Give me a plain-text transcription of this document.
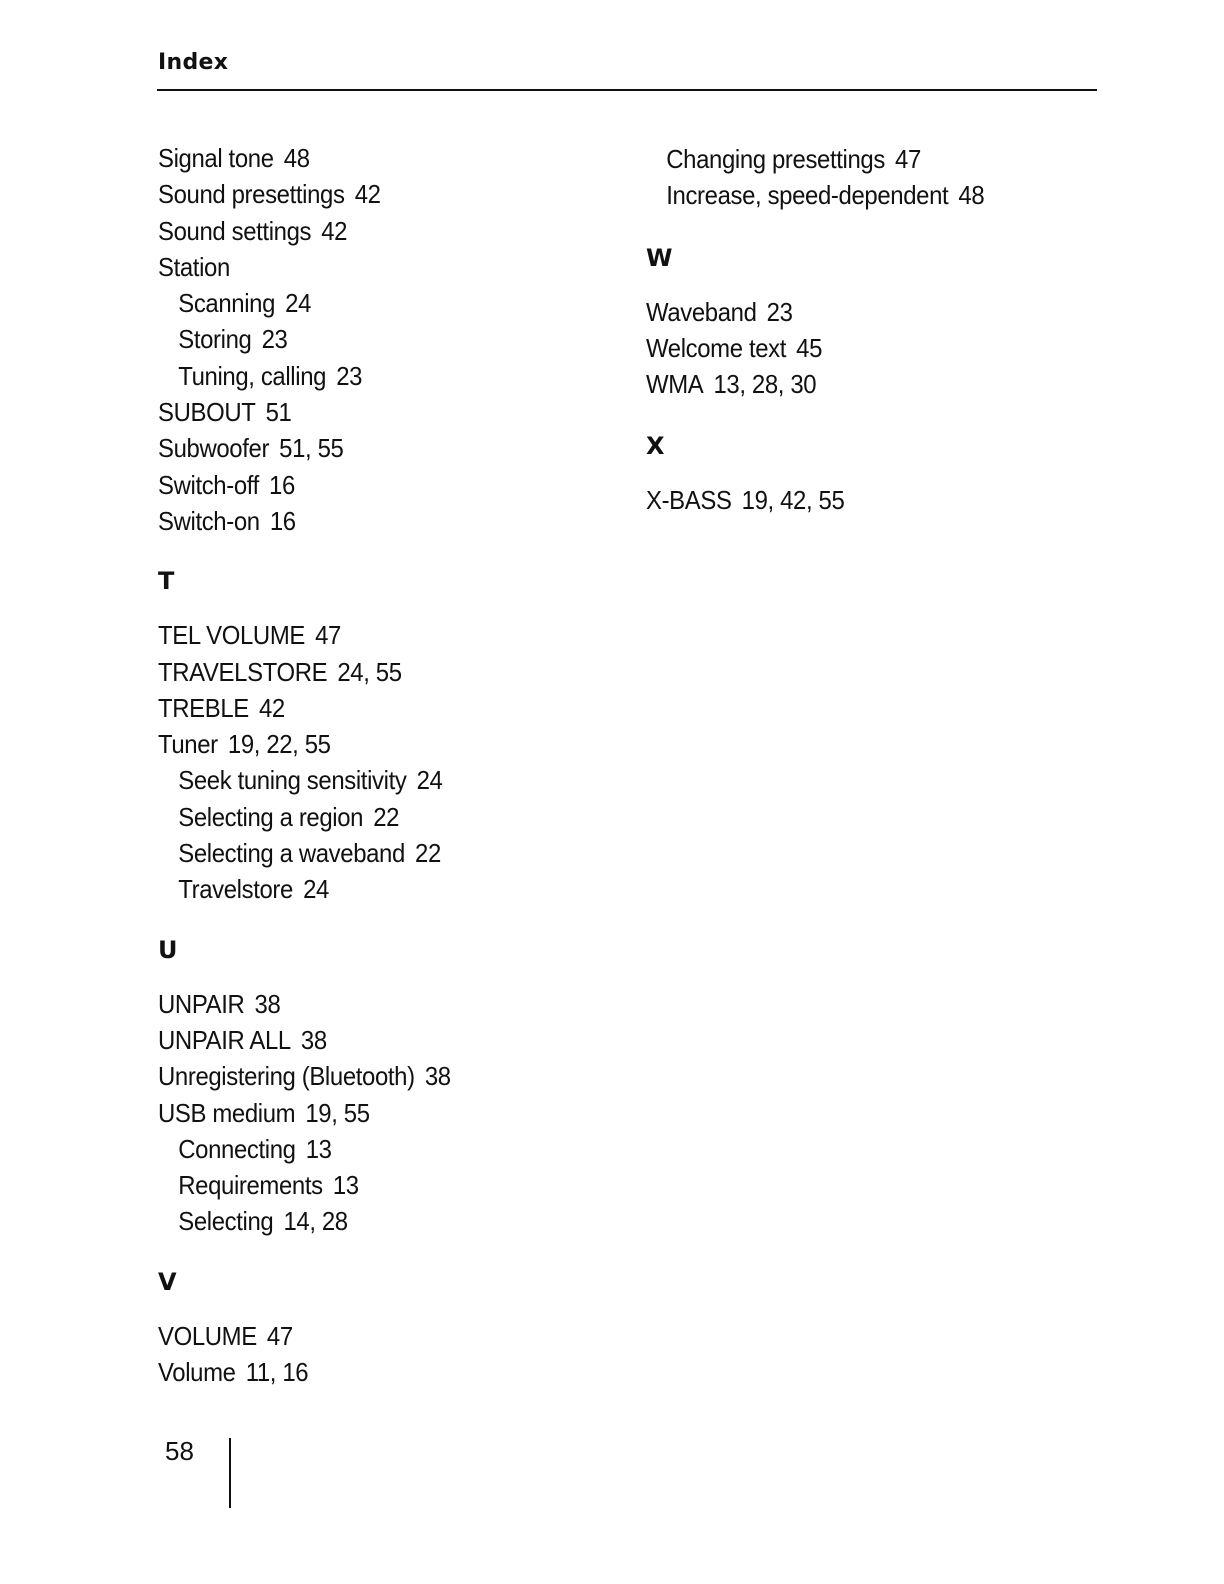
Index
Signal tone 48
Sound presettings 42
Sound settings 42
Station
Scanning 24
Storing 23
Tuning, calling 23
SUBOUT 51
Subwoofer 51, 55
Switch-off 16
Switch-on 16
T
TEL VOLUME 47
TRAVELSTORE 24, 55
TREBLE 42
Tuner 19, 22, 55
Seek tuning sensitivity 24
Selecting a region 22
Selecting a waveband 22
Travelstore 24
U
UNPAIR 38
UNPAIR ALL 38
Unregistering (Bluetooth) 38
USB medium 19, 55
Connecting 13
Requirements 13
Selecting 14, 28
V
VOLUME 47
Volume 11, 16
Changing presettings 47
Increase, speed-dependent 48
W
Waveband 23
Welcome text 45
WMA 13, 28, 30
X
X-BASS 19, 42, 55
58
